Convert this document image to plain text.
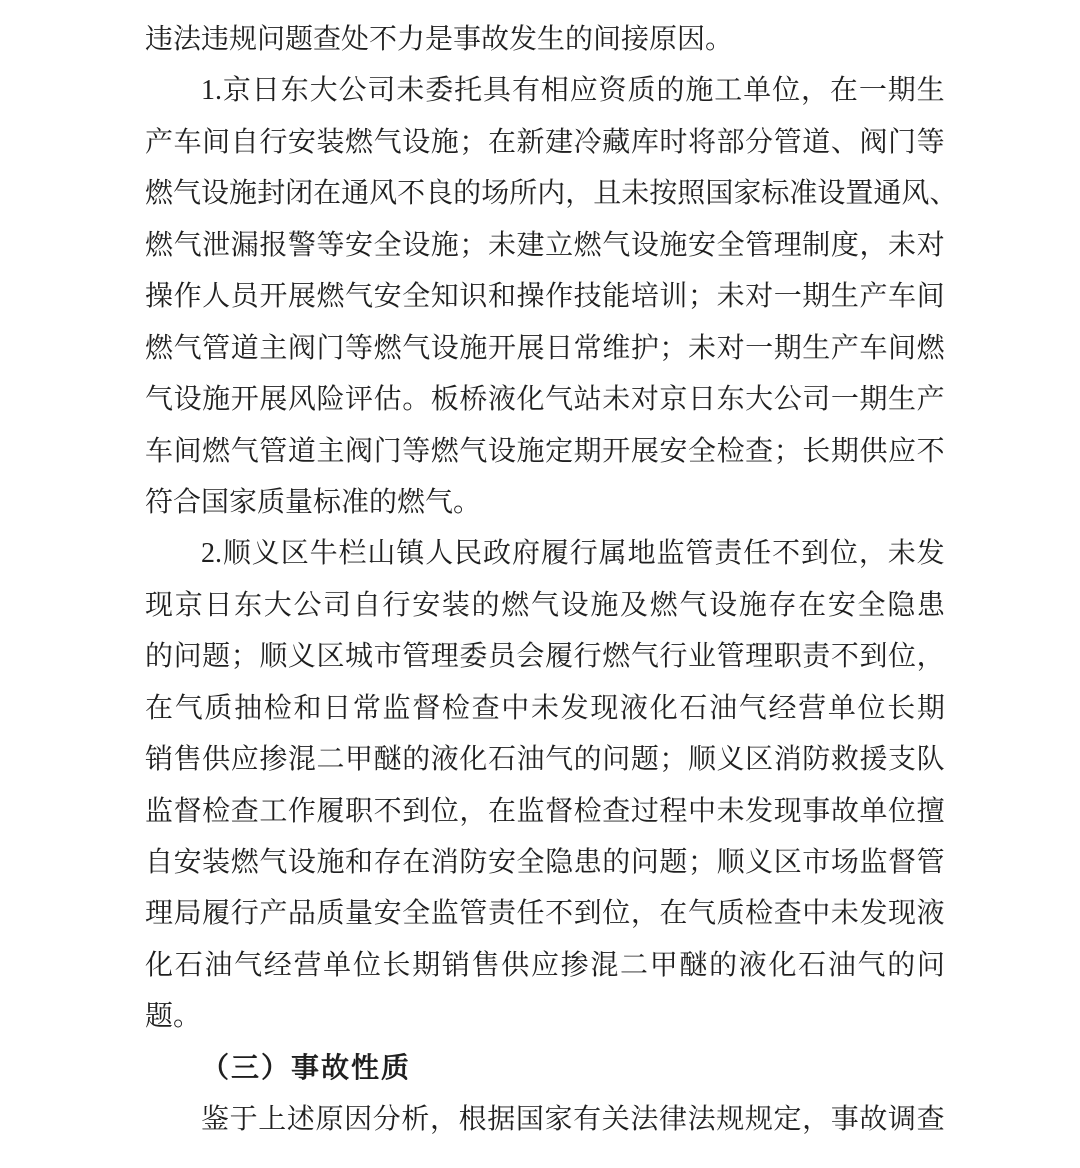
违法违规问题查处不力是事故发生的间接原因。
1. 京 日 东 大 公 司 未 委 托 具 有 相 应 资 质 的 施 工 单 位 ， 在 一 期 生
产 车 间 自 行 安 装 燃 气 设 施 ； 在 新 建 冷 藏 库 时 将 部 分 管 道 、 阀 门 等
燃 气 设 施 封 闭 在 通 风 不 良 的 场 所 内 ， 且 未 按 照 国 家 标 准 设 置 通 风 、
燃 气 泄 漏 报 警 等 安 全 设 施 ； 未 建 立 燃 气 设 施 安 全 管 理 制 度 ， 未 对
操 作 人 员 开 展 燃 气 安 全 知 识 和 操 作 技 能 培 训 ； 未 对 一 期 生 产 车 间
燃 气 管 道 主 阀 门 等 燃 气 设 施 开 展 日 常 维 护 ； 未 对 一 期 生 产 车 间 燃
气 设 施 开 展 风 险 评 估 。 板 桥 液 化 气 站 未 对 京 日 东 大 公 司 一 期 生 产
车 间 燃 气 管 道 主 阀 门 等 燃 气 设 施 定 期 开 展 安 全 检 查 ； 长 期 供 应 不
符合国家质量标准的燃气。
2. 顺 义 区 牛 栏 山 镇 人 民 政 府 履 行 属 地 监 管 责 任 不 到 位 ， 未 发
现 京 日 东 大 公 司 自 行 安 装 的 燃 气 设 施 及 燃 气 设 施 存 在 安 全 隐 患
的 问 题 ； 顺 义 区 城 市 管 理 委 员 会 履 行 燃 气 行 业 管 理 职 责 不 到 位 ，
在 气 质 抽 检 和 日 常 监 督 检 查 中 未 发 现 液 化 石 油 气 经 营 单 位 长 期
销 售 供 应 掺 混 二 甲 醚 的 液 化 石 油 气 的 问 题 ； 顺 义 区 消 防 救 援 支 队
监 督 检 查 工 作 履 职 不 到 位 ， 在 监 督 检 查 过 程 中 未 发 现 事 故 单 位 擅
自 安 装 燃 气 设 施 和 存 在 消 防 安 全 隐 患 的 问 题 ； 顺 义 区 市 场 监 督 管
理 局 履 行 产 品 质 量 安 全 监 管 责 任 不 到 位 ， 在 气 质 检 查 中 未 发 现 液
化 石 油 气 经 营 单 位 长 期 销 售 供 应 掺 混 二 甲 醚 的 液 化 石 油 气 的 问
题。
（三）事故性质
鉴 于 上 述 原 因 分 析 ， 根 据 国 家 有 关 法 律 法 规 规 定 ， 事 故 调 查
